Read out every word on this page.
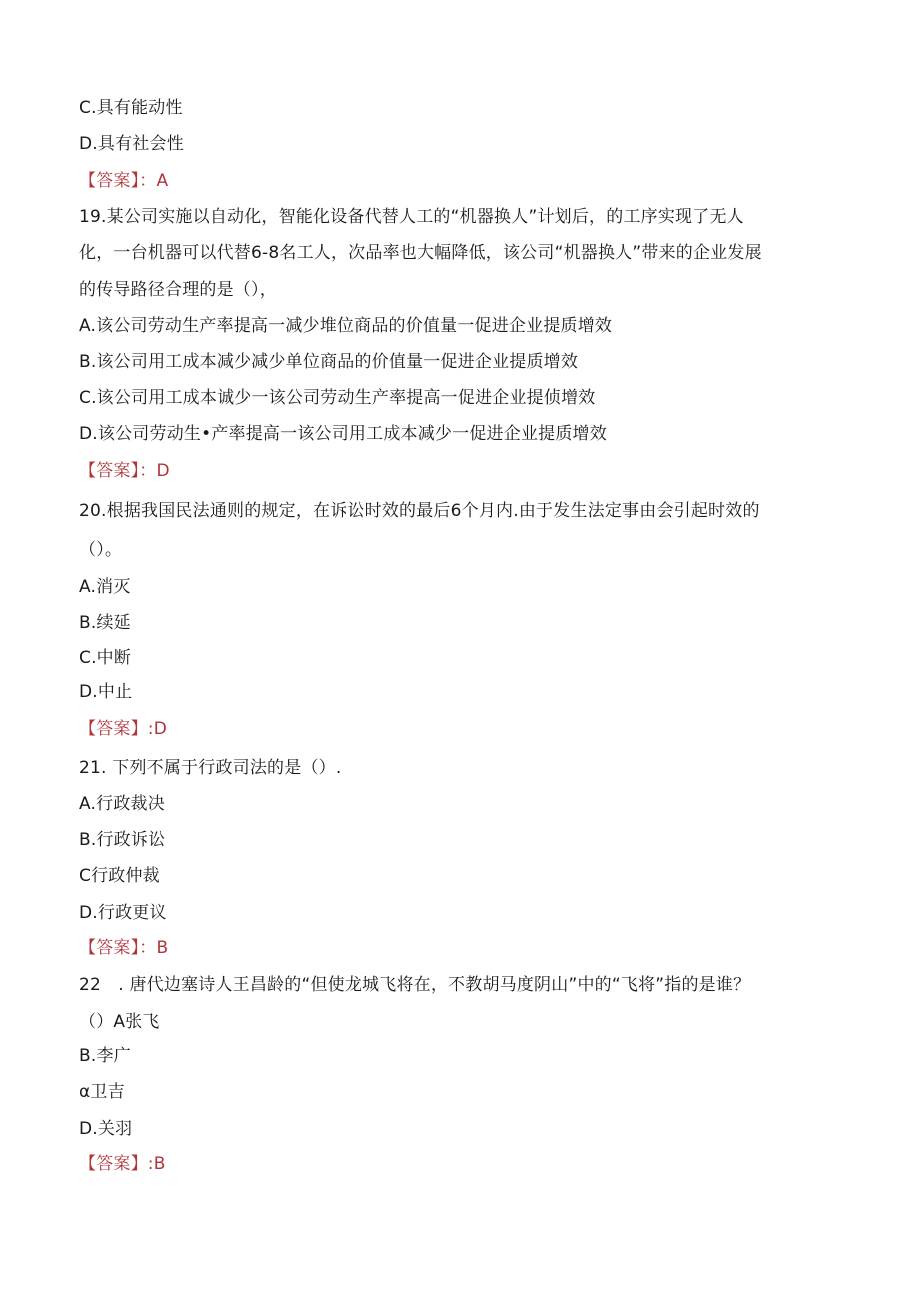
C.具有能动性
D.具有社会性
【答案】：A
19.某公司实施以自动化，智能化设备代替人工的“机器换人”计划后，的工序实现了无人
化，一台机器可以代替6-8名工人，次品率也大幅降低，该公司“机器换人”带来的企业发展
的传导路径合理的是（），
A.该公司劳动生产率提高一减少堆位商品的价值量一促进企业提质增效
B.该公司用工成本减少减少单位商品的价值量一促进企业提质增效
C.该公司用工成本诚少一该公司劳动生产率提高一促进企业提侦增效
D.该公司劳动生•产率提高一该公司用工成本减少一促进企业提质增效
【答案】：D
20.根据我国民法通则的规定，在诉讼时效的最后6个月内.由于发生法定事由会引起时效的
（）。
A.消灭
B.续延
C.中断
D.中止
【答案】:D
21. 下列不属于行政司法的是（）.
A.行政裁决
B.行政诉讼
C行政仲裁
D.行政更议
【答案】：B
22　. 唐代边塞诗人王昌龄的“但使龙城飞将在，不教胡马度阴山”中的“飞将”指的是谁？
（）A张飞
B.李广
α卫吉
D.关羽
【答案】:B
